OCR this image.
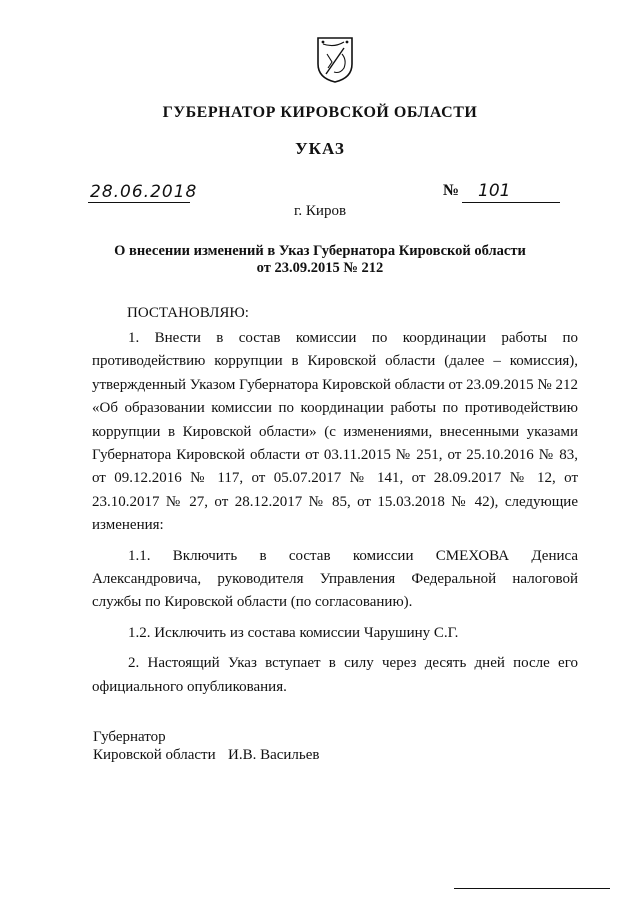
ГУБЕРНАТОР КИРОВСКОЙ ОБЛАСТИ
УКАЗ
28.06.2018	№ 101
г. Киров
О внесении изменений в Указ Губернатора Кировской области
от 23.09.2015 № 212
ПОСТАНОВЛЯЮ:

1. Внести в состав комиссии по координации работы по противодействию коррупции в Кировской области (далее – комиссия), утвержденный Указом Губернатора Кировской области от 23.09.2015 № 212 «Об образовании комиссии по координации работы по противодействию коррупции в Кировской области» (с изменениями, внесенными указами Губернатора Кировской области от 03.11.2015 № 251, от 25.10.2016 № 83, от 09.12.2016 № 117, от 05.07.2017 № 141, от 28.09.2017 № 12, от 23.10.2017 № 27, от 28.12.2017 № 85, от 15.03.2018 № 42), следующие изменения:

1.1. Включить в состав комиссии СМЕХОВА Дениса Александровича, руководителя Управления Федеральной налоговой службы по Кировской области (по согласованию).

1.2. Исключить из состава комиссии Чарушину С.Г.

2. Настоящий Указ вступает в силу через десять дней после его официального опубликования.

Губернатор
Кировской области И.В. Васильев
